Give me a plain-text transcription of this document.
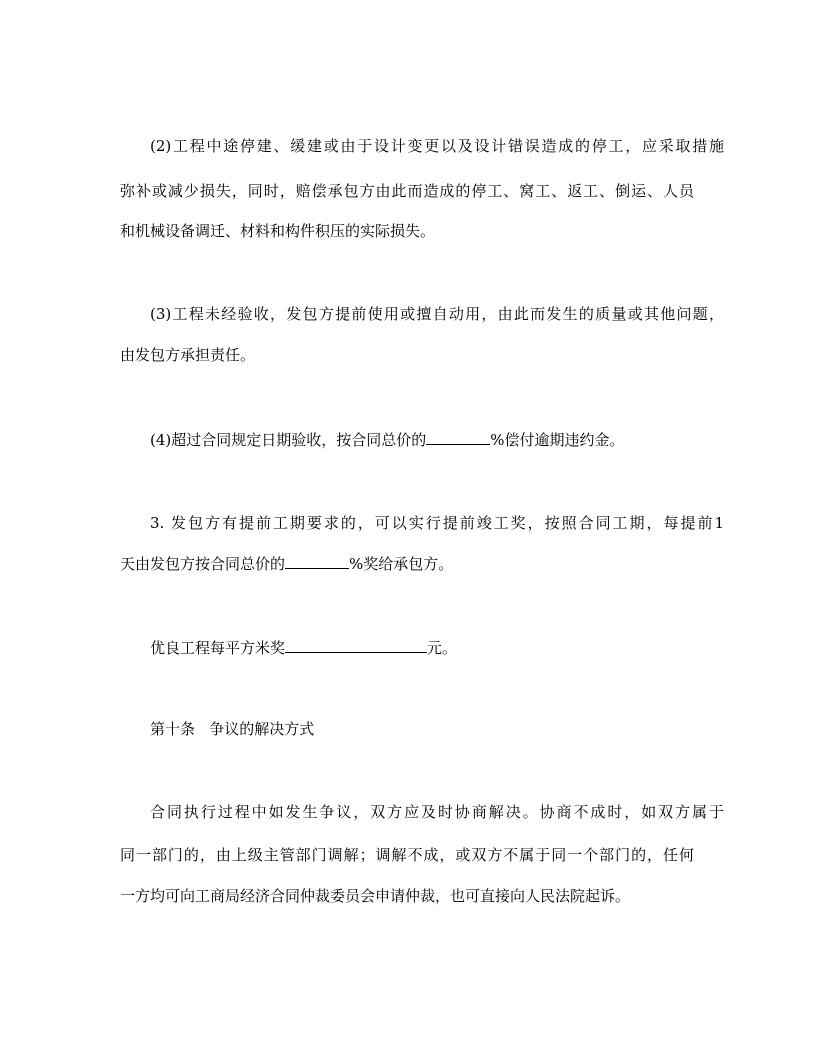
(2)工程中途停建、缓建或由于设计变更以及设计错误造成的停工，应采取措施
弥补或减少损失，同时，赔偿承包方由此而造成的停工、窝工、返工、倒运、人员
和机械设备调迁、材料和构件积压的实际损失。
(3)工程未经验收，发包方提前使用或擅自动用，由此而发生的质量或其他问题，
由发包方承担责任。
(4)超过合同规定日期验收，按合同总价的	%偿付逾期违约金。
3. 发包方有提前工期要求的，可以实行提前竣工奖，按照合同工期，每提前1
天由发包方按合同总价的	%奖给承包方。
优良工程每平方米奖	元。
第十条   争议的解决方式
合同执行过程中如发生争议，双方应及时协商解决。协商不成时，如双方属于
同一部门的，由上级主管部门调解；调解不成，或双方不属于同一个部门的，任何
一方均可向工商局经济合同仲裁委员会申请仲裁，也可直接向人民法院起诉。
